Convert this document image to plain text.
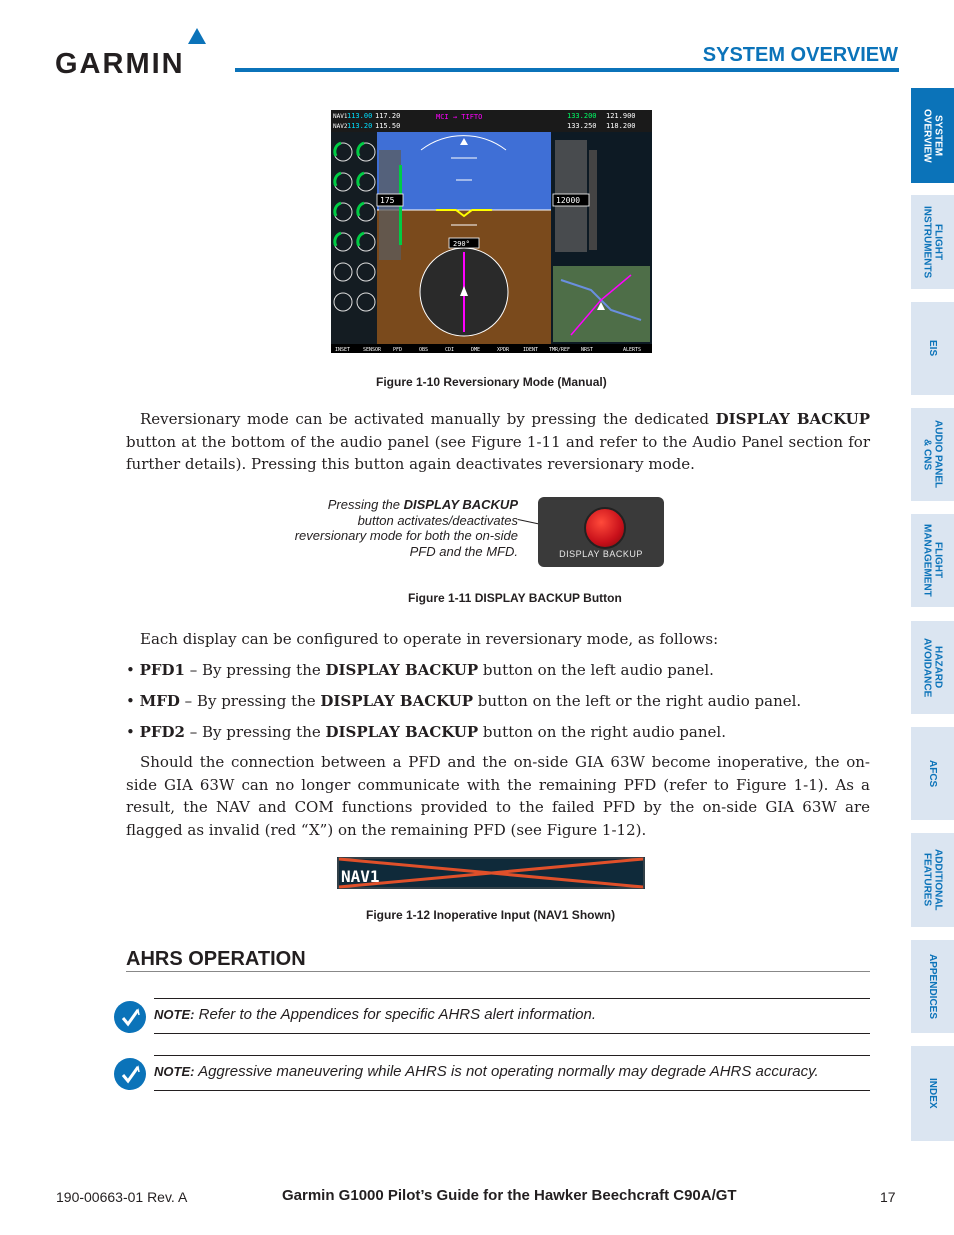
GARMIN	SYSTEM OVERVIEW
SYSTEM
OVERVIEW
FLIGHT
INSTRUMENTS
EIS
AUDIO PANEL
& CNS
FLIGHT
MANAGEMENT
HAZARD
AVOIDANCE
AFCS
ADDITIONAL
FEATURES
APPENDICES
INDEX
NAV1 113.00 117.20
NAV2 113.20 115.50
MCI → TIFTO	133.200 121.900
133.250 118.200
175
290°
12000
INSET	SENSOR PFD	OBS	CDI	DME	XPDR	IDENT TMR/REF NRST	ALERTS
Figure 1-10 Reversionary Mode (Manual)
Reversionary mode can be activated manually by pressing the dedicated DISPLAY BACKUP button at the bottom of the audio panel (see Figure 1-11 and refer to the Audio Panel section for further details). Pressing this button again deactivates reversionary mode.
Pressing the DISPLAY BACKUP button activates/deactivates reversionary mode for both the on-side PFD and the MFD.	DISPLAY BACKUP
Figure 1-11 DISPLAY BACKUP Button
Each display can be configured to operate in reversionary mode, as follows:
• PFD1 – By pressing the DISPLAY BACKUP button on the left audio panel.
• MFD – By pressing the DISPLAY BACKUP button on the left or the right audio panel.
• PFD2 – By pressing the DISPLAY BACKUP button on the right audio panel.
Should the connection between a PFD and the on-side GIA 63W become inoperative, the on-side GIA 63W can no longer communicate with the remaining PFD (refer to Figure 1-1). As a result, the NAV and COM functions provided to the failed PFD by the on-side GIA 63W are flagged as invalid (red “X”) on the remaining PFD (see Figure 1-12).
NAV1
Figure 1-12 Inoperative Input (NAV1 Shown)
AHRS OPERATION
NOTE: Refer to the Appendices for specific AHRS alert information.
NOTE: Aggressive maneuvering while AHRS is not operating normally may degrade AHRS accuracy.
190-00663-01 Rev. A	Garmin G1000 Pilot’s Guide for the Hawker Beechcraft C90A/GT	17
